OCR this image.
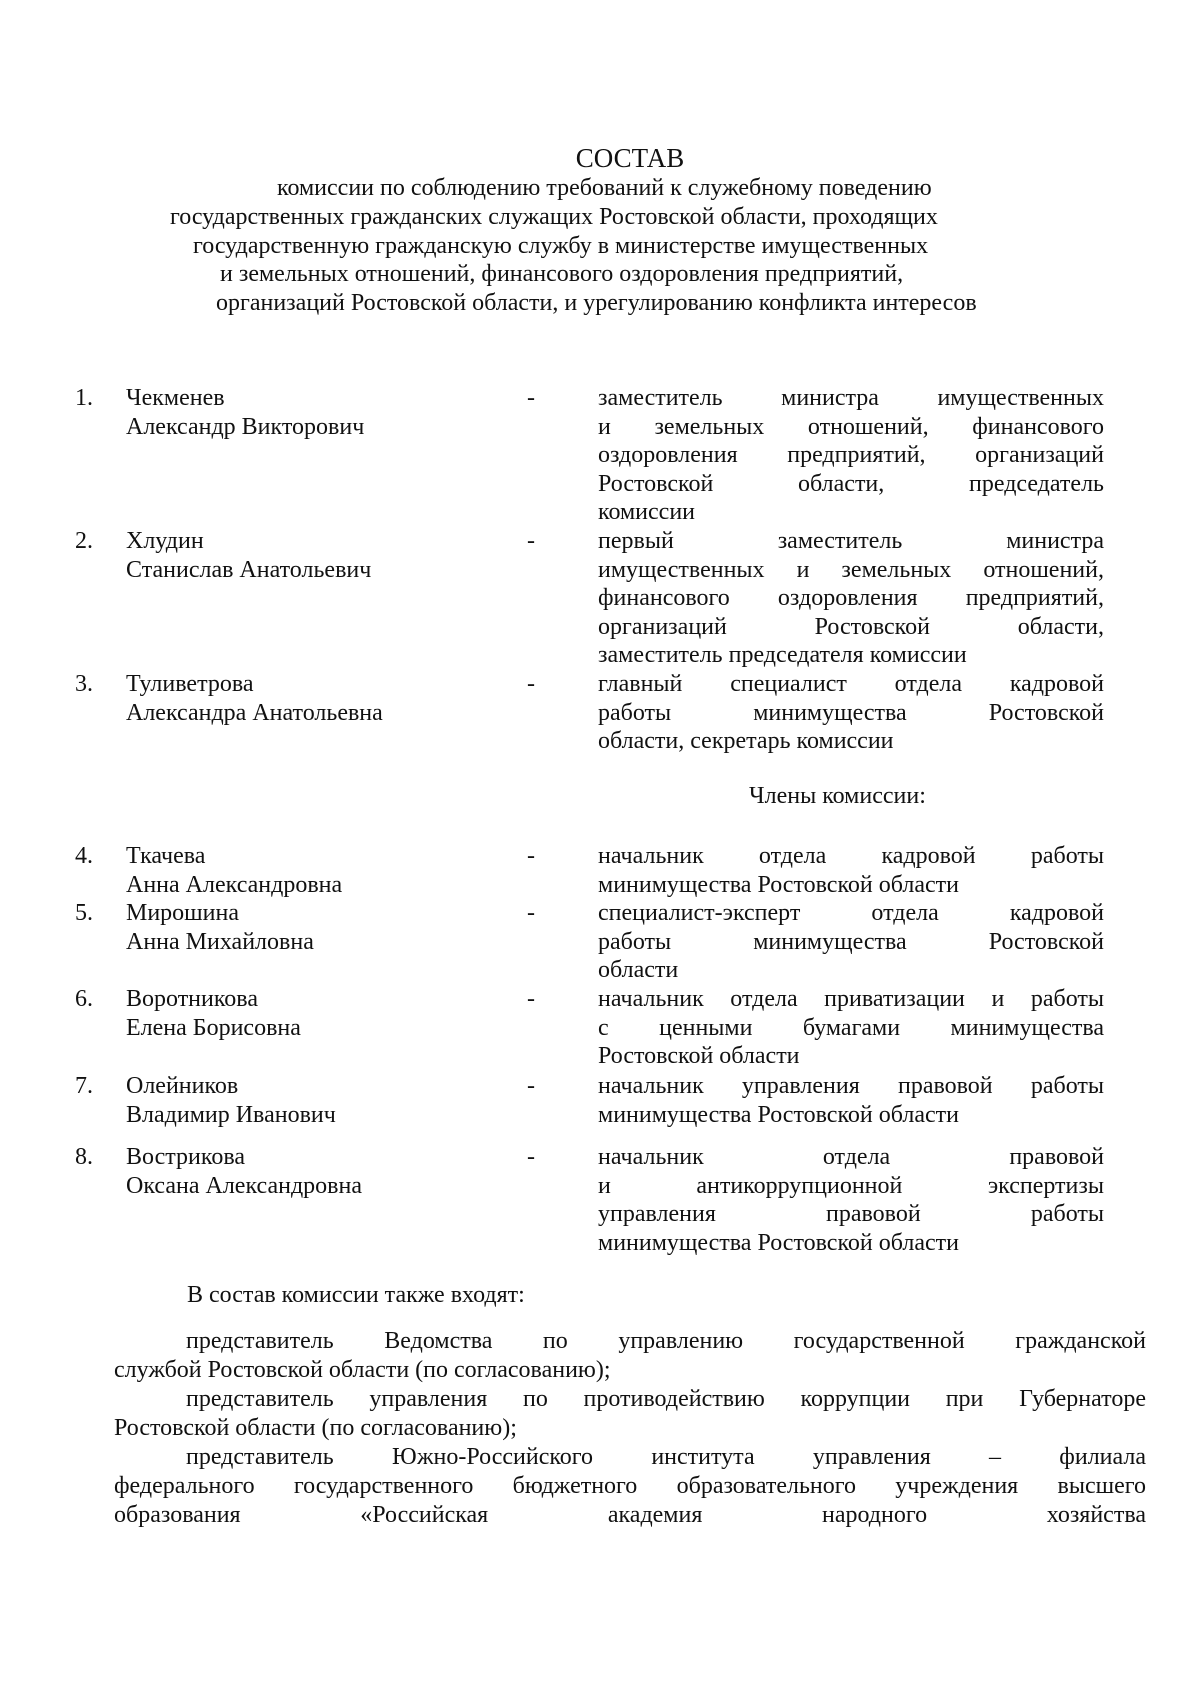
СОСТАВ
комиссии по соблюдению требований к служебному поведению
государственных гражданских служащих Ростовской области, проходящих
государственную гражданскую службу в министерстве имущественных
и земельных отношений, финансового оздоровления предприятий,
организаций Ростовской области, и урегулированию конфликта интересов
1. Чекменев
Александр Викторович
-	заместитель министра имущественных
и земельных отношений, финансового
оздоровления предприятий, организаций
Ростовской области, председатель
комиссии
2. Хлудин
Станислав Анатольевич
-	первый заместитель министра
имущественных и земельных отношений,
финансового оздоровления предприятий,
организаций Ростовской области,
заместитель председателя комиссии
3. Туливетрова
Александра Анатольевна
-	главный специалист отдела кадровой
работы минимущества Ростовской
области, секретарь комиссии
Члены комиссии:
4. Ткачева
Анна Александровна
-	начальник отдела кадровой работы
минимущества Ростовской области
5. Мирошина
Анна Михайловна
-	специалист-эксперт отдела кадровой
работы минимущества Ростовской
области
6. Воротникова
Елена Борисовна
-	начальник отдела приватизации и работы
с ценными бумагами минимущества
Ростовской области
7. Олейников
Владимир Иванович
-	начальник управления правовой работы
минимущества Ростовской области
8. Вострикова
Оксана Александровна
-	начальник отдела правовой
и антикоррупционной экспертизы
управления правовой работы
минимущества Ростовской области
В состав комиссии также входят:
представитель Ведомства по управлению государственной гражданской
службой Ростовской области (по согласованию);
представитель управления по противодействию коррупции при Губернаторе
Ростовской области (по согласованию);
представитель Южно-Российского института управления – филиала
федерального государственного бюджетного образовательного учреждения высшего
образования «Российская академия народного хозяйства
